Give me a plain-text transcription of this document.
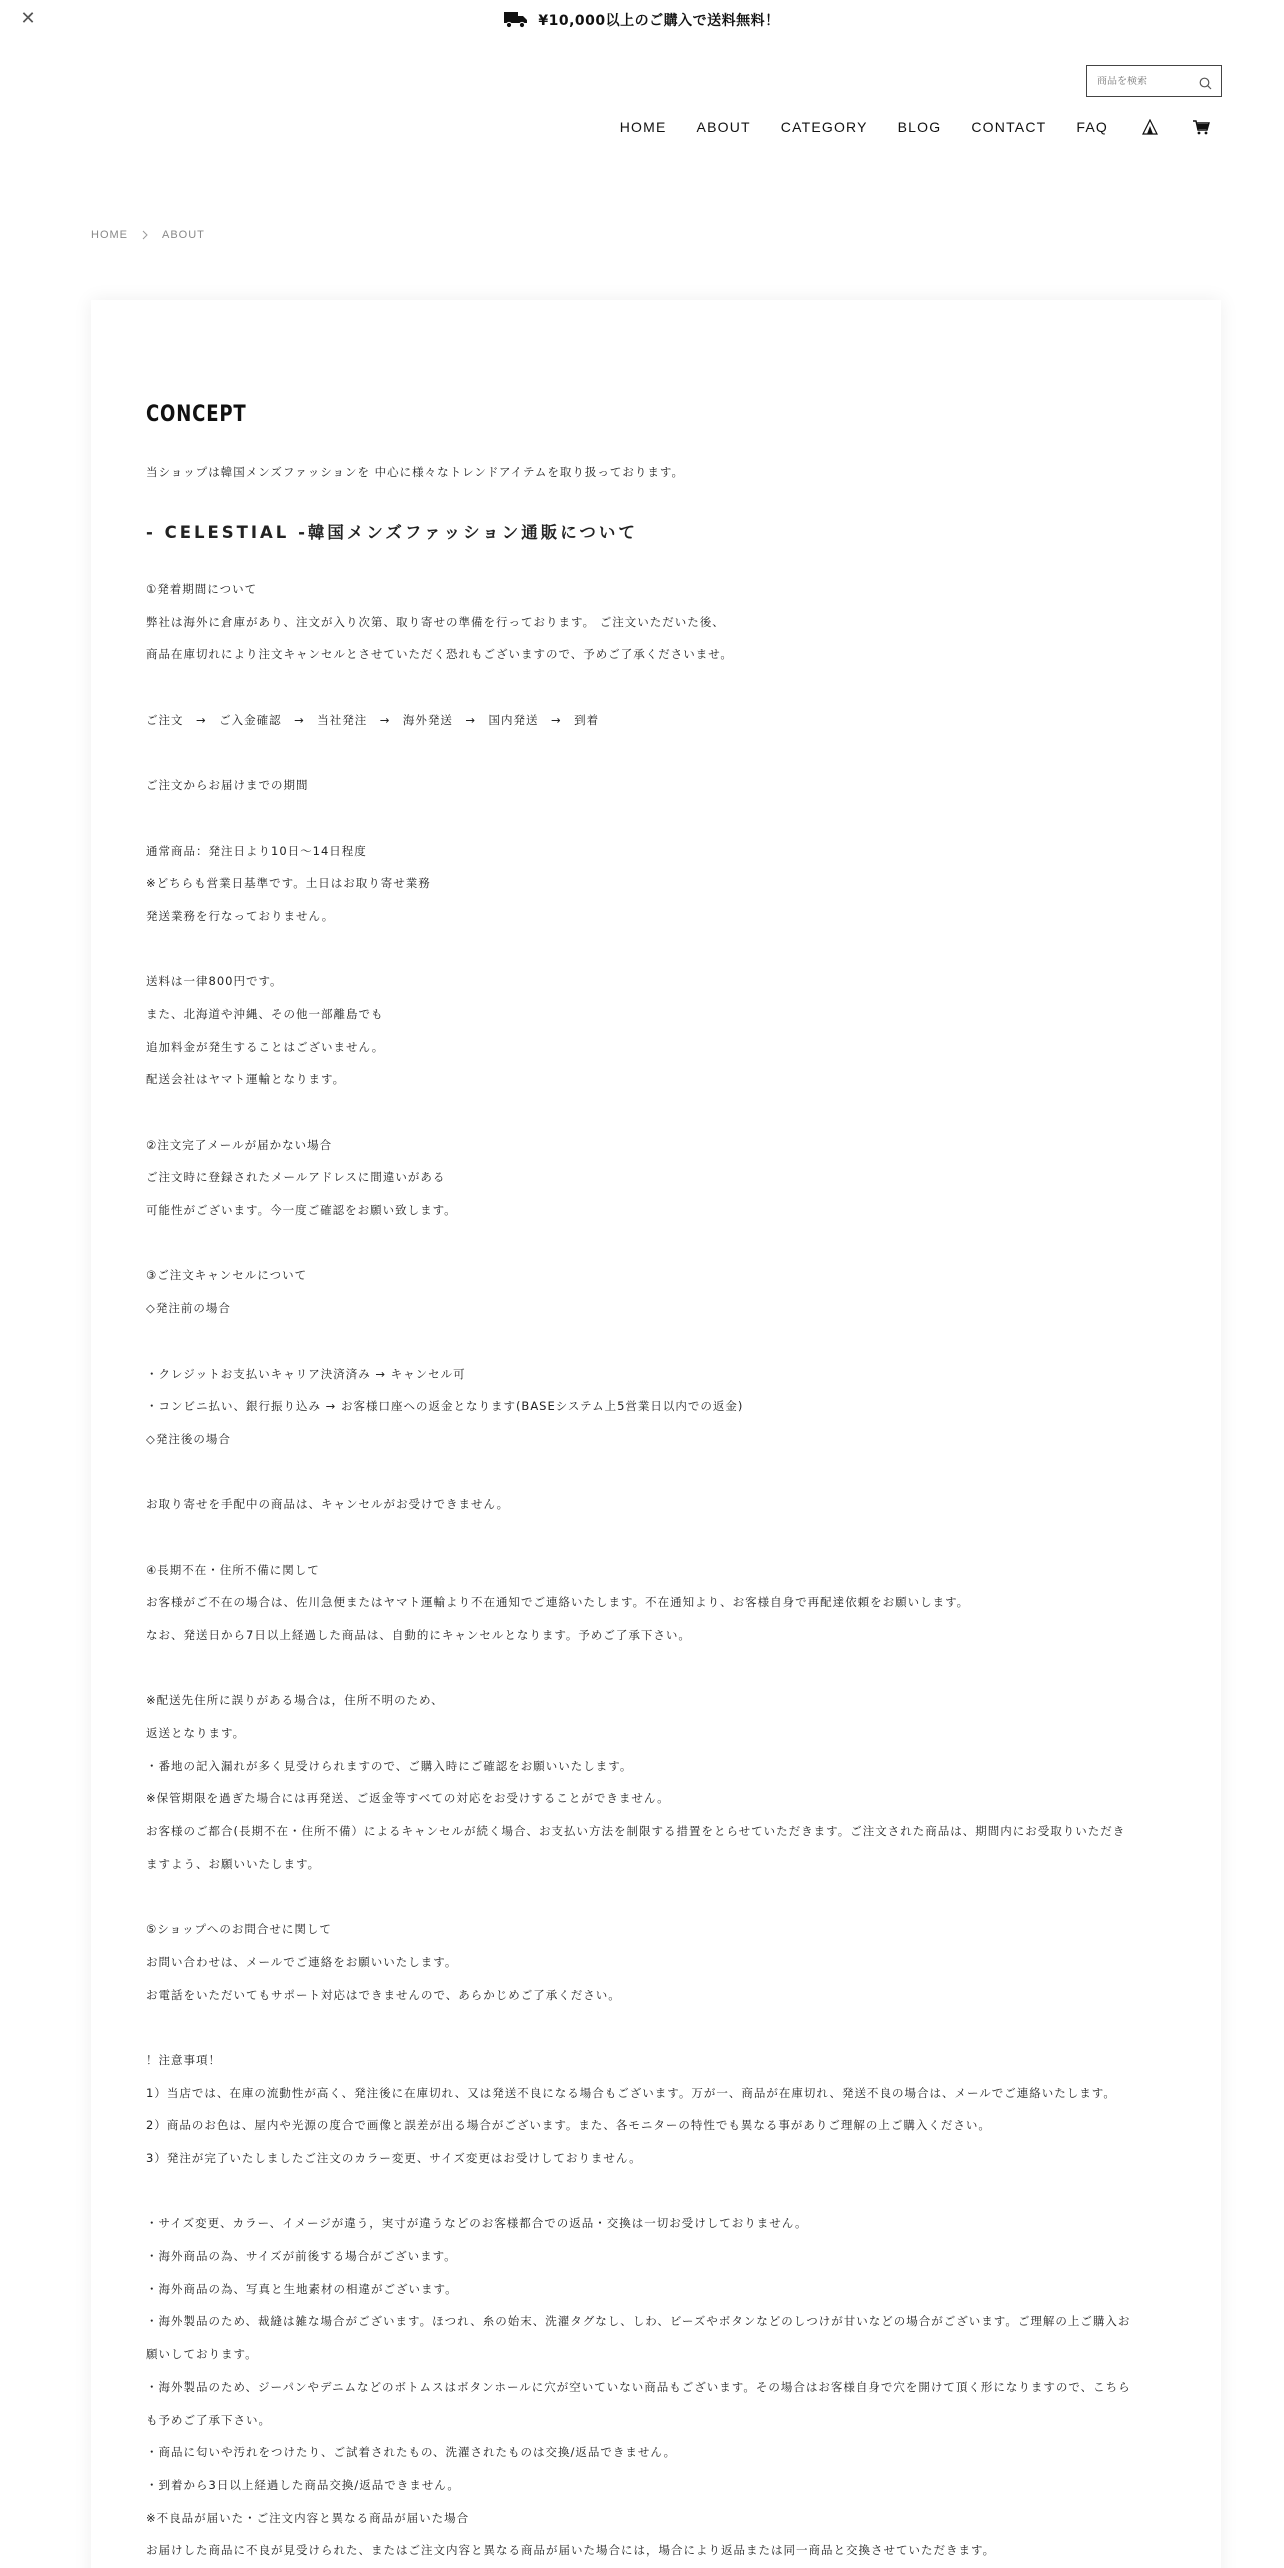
✕	¥10,000以上のご購入で送料無料！
商品を検索
HOME ABOUT CATEGORY BLOG CONTACT FAQ
HOME	ABOUT
CONCEPT
当ショップは韓国メンズファッションを 中心に様々なトレンドアイテムを取り扱っております。
- CELESTIAL -韓国メンズファッション通販について
①発着期間について
弊社は海外に倉庫があり、注文が入り次第、取り寄せの準備を行っております。 ご注文いただいた後、
商品在庫切れにより注文キャンセルとさせていただく恐れもございますので、予めご了承くださいませ。
ご注文　→　ご入金確認　→　当社発注　→　海外発送　→　国内発送　→　到着
ご注文からお届けまでの期間
通常商品：発注日より10日〜14日程度
※どちらも営業日基準です。土日はお取り寄せ業務
発送業務を行なっておりません。
送料は一律800円です。
また、北海道や沖縄、その他一部離島でも
追加料金が発生することはございません。
配送会社はヤマト運輸となります。
②注文完了メールが届かない場合
ご注文時に登録されたメールアドレスに間違いがある
可能性がございます。今一度ご確認をお願い致します。
③ご注文キャンセルについて
◇発注前の場合
・クレジットお支払いキャリア決済済み → キャンセル可
・コンビニ払い、銀行振り込み → お客様口座への返金となります(BASEシステム上5営業日以内での返金)
◇発注後の場合
お取り寄せを手配中の商品は、キャンセルがお受けできません。
④長期不在・住所不備に関して
お客様がご不在の場合は、佐川急便またはヤマト運輸より不在通知でご連絡いたします。不在通知より、お客様自身で再配達依頼をお願いします。
なお、発送日から7日以上経過した商品は、自動的にキャンセルとなります。予めご了承下さい。
※配送先住所に誤りがある場合は，住所不明のため、
返送となります。
・番地の記入漏れが多く見受けられますので、ご購入時にご確認をお願いいたします。
※保管期限を過ぎた場合には再発送、ご返金等すべての対応をお受けすることができません。
お客様のご都合(長期不在・住所不備）によるキャンセルが続く場合、お支払い方法を制限する措置をとらせていただきます。ご注文された商品は、期間内にお受取りいただき
ますよう、お願いいたします。
⑤ショップへのお問合せに関して
お問い合わせは、メールでご連絡をお願いいたします。
お電話をいただいてもサポート対応はできませんので、あらかじめご了承ください。
！注意事項！
1）当店では、在庫の流動性が高く、発注後に在庫切れ、又は発送不良になる場合もございます。万が一、商品が在庫切れ、発送不良の場合は、メールでご連絡いたします。
2）商品のお色は、屋内や光源の度合で画像と誤差が出る場合がございます。また、各モニターの特性でも異なる事がありご理解の上ご購入ください。
3）発注が完了いたしましたご注文のカラー変更、サイズ変更はお受けしておりません。
・サイズ変更、カラー、イメージが違う，実寸が違うなどのお客様都合での返品・交換は一切お受けしておりません。
・海外商品の為、サイズが前後する場合がございます。
・海外商品の為、写真と生地素材の相違がございます。
・海外製品のため、裁縫は雑な場合がございます。ほつれ、糸の始末、洗濯タグなし、しわ、ビーズやボタンなどのしつけが甘いなどの場合がございます。ご理解の上ご購入お
願いしております。
・海外製品のため、ジーパンやデニムなどのボトムスはボタンホールに穴が空いていない商品もございます。その場合はお客様自身で穴を開けて頂く形になりますので、こちら
も予めご了承下さい。
・商品に匂いや汚れをつけたり、ご試着されたもの、洗濯されたものは交換/返品できません。
・到着から3日以上経過した商品交換/返品できません。
※不良品が届いた・ご注文内容と異なる商品が届いた場合
お届けした商品に不良が見受けられた、またはご注文内容と異なる商品が届いた場合には，場合により返品または同一商品と交換させていただきます。
